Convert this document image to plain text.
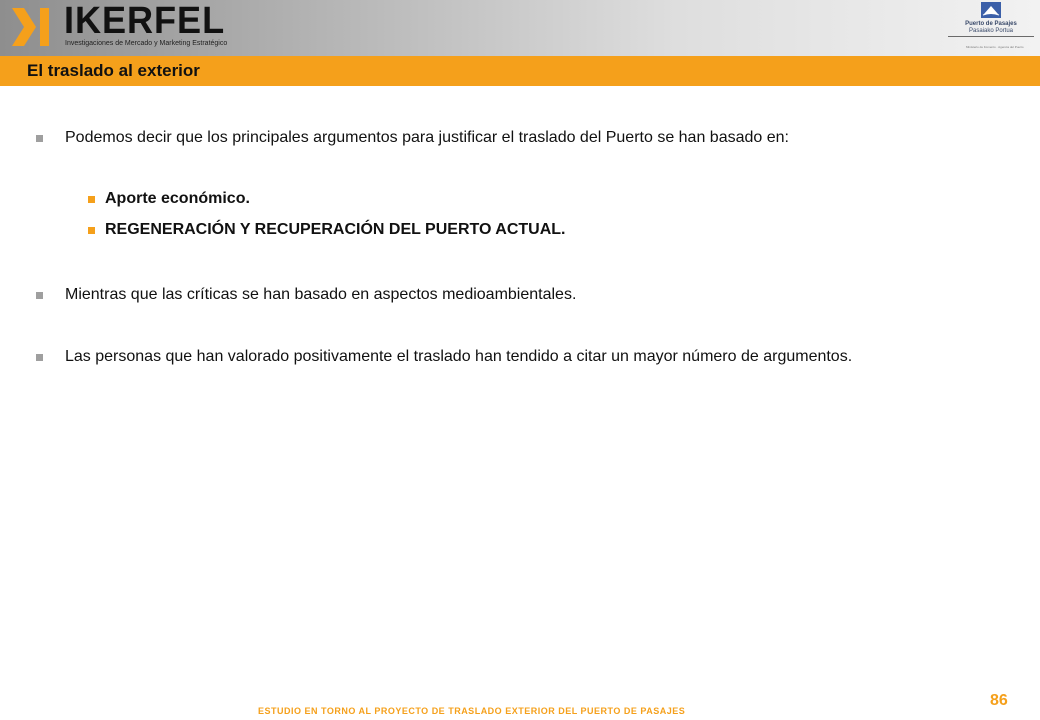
IKERFEL
Investigaciones de Mercado y Marketing Estratégico
Puerto de Pasajes
Pasaiako Portua
Ministerio de Fomento · Agencia del Puerto
El traslado al exterior
Podemos decir que los principales argumentos para justificar el traslado del Puerto se han basado en:
Aporte económico.
REGENERACIÓN Y RECUPERACIÓN DEL PUERTO ACTUAL.
Mientras que las críticas se han basado en aspectos medioambientales.
Las personas que han valorado positivamente el traslado han tendido a citar un mayor número de argumentos.
ESTUDIO EN TORNO AL PROYECTO DE TRASLADO EXTERIOR DEL PUERTO DE PASAJES
86
